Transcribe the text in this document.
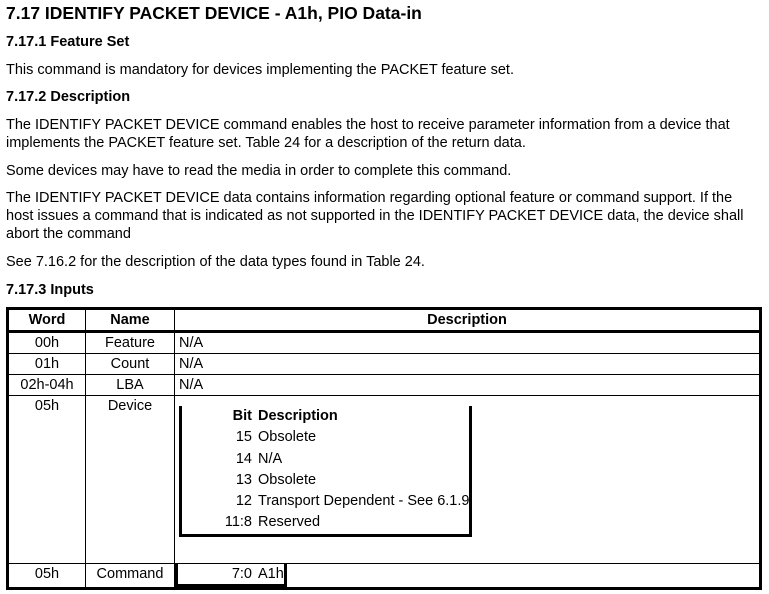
7.17 IDENTIFY PACKET DEVICE - A1h, PIO Data-in
7.17.1 Feature Set

This command is mandatory for devices implementing the PACKET feature set.

7.17.2 Description

The IDENTIFY PACKET DEVICE command enables the host to receive parameter information from a device that implements the PACKET feature set. Table 24 for a description of the return data.

Some devices may have to read the media in order to complete this command.

The IDENTIFY PACKET DEVICE data contains information regarding optional feature or command support. If the host issues a command that is indicated as not supported in the IDENTIFY PACKET DEVICE data, the device shall abort the command

See 7.16.2 for the description of the data types found in Table 24.

7.17.3 Inputs
Word	Name	Description
00h	Feature	N/A
01h	Count	N/A
02h-04h	LBA	N/A
05h	Device	
Bit	Description
15	Obsolete
14	N/A
13	Obsolete
12	Transport Dependent - See 6.1.9
11:8	Reserved

05h	Command		7:0	A1h
